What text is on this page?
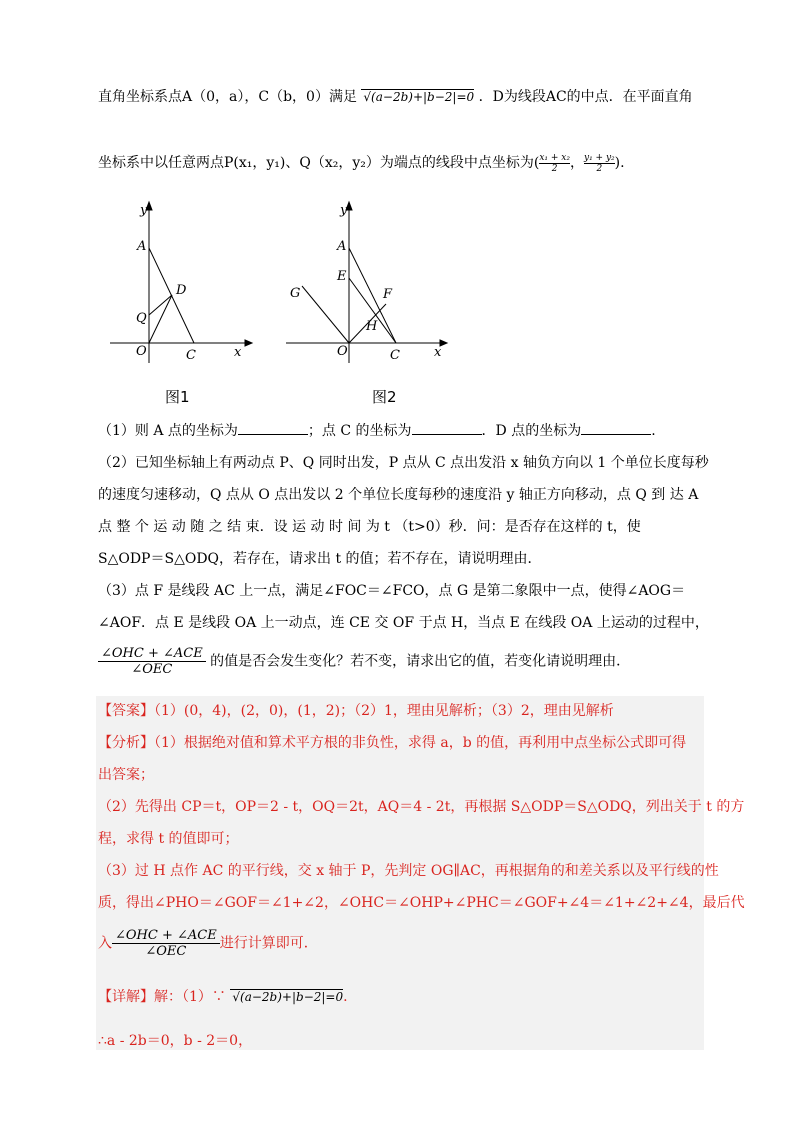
直角坐标系点A（0，a），C（b，0）满足 √(a−2b)+|b−2|=0 ．D为线段AC的中点．在平面直角
坐标系中以任意两点P(x₁，y₁)、Q（x₂，y₂）为端点的线段中点坐标为( $\frac{\text{x₁ + x₂}}{2}$， $\frac{\text{y₁ + y₂}}{2}$).
y
A
D
Q
O	C	x
图1
y
A
E
F
G
H
O	C	x
图2
（1）则 A 点的坐标为	；点 C 的坐标为	．D 点的坐标为	.
（2）已知坐标轴上有两动点 P、Q 同时出发，P 点从 C 点出发沿 x 轴负方向以 1 个单位长度每秒
的速度匀速移动，Q 点从 O 点出发以 2 个单位长度每秒的速度沿 y 轴正方向移动，点 Q 到 达 A
点 整 个 运 动 随 之 结 束．设 运 动 时 间 为 t （t>0）秒．问：是否存在这样的 t，使
S△ODP＝S△ODQ，若存在，请求出 t 的值；若不存在，请说明理由．
（3）点 F 是线段 AC 上一点，满足∠FOC＝∠FCO，点 G 是第二象限中一点，使得∠AOG＝
∠AOF．点 E 是线段 OA 上一动点，连 CE 交 OF 于点 H，当点 E 在线段 OA 上运动的过程中，
$\frac{\text{∠OHC + ∠ACE}}{\text{∠OEC}}$ 的值是否会发生变化？若不变，请求出它的值，若变化请说明理由．
【答案】（1）(0，4)，(2，0)，(1，2)；（2）1，理由见解析；（3）2，理由见解析
【分析】（1）根据绝对值和算术平方根的非负性，求得 a，b 的值，再利用中点坐标公式即可得
出答案；
（2）先得出 CP＝t，OP＝2 - t，OQ＝2t，AQ＝4 - 2t，再根据 S△ODP＝S△ODQ，列出关于 t 的方
程，求得 t 的值即可；
（3）过 H 点作 AC 的平行线，交 x 轴于 P，先判定 OG∥AC，再根据角的和差关系以及平行线的性
质，得出∠PHO＝∠GOF＝∠1+∠2，∠OHC＝∠OHP+∠PHC＝∠GOF+∠4＝∠1+∠2+∠4，最后代
入 $\frac{\text{∠OHC + ∠ACE}}{\text{∠OEC}}$ 进行计算即可．
【详解】解：（1）∵ √(a−2b)+|b−2|=0.
∴a - 2b＝0，b - 2＝0，
